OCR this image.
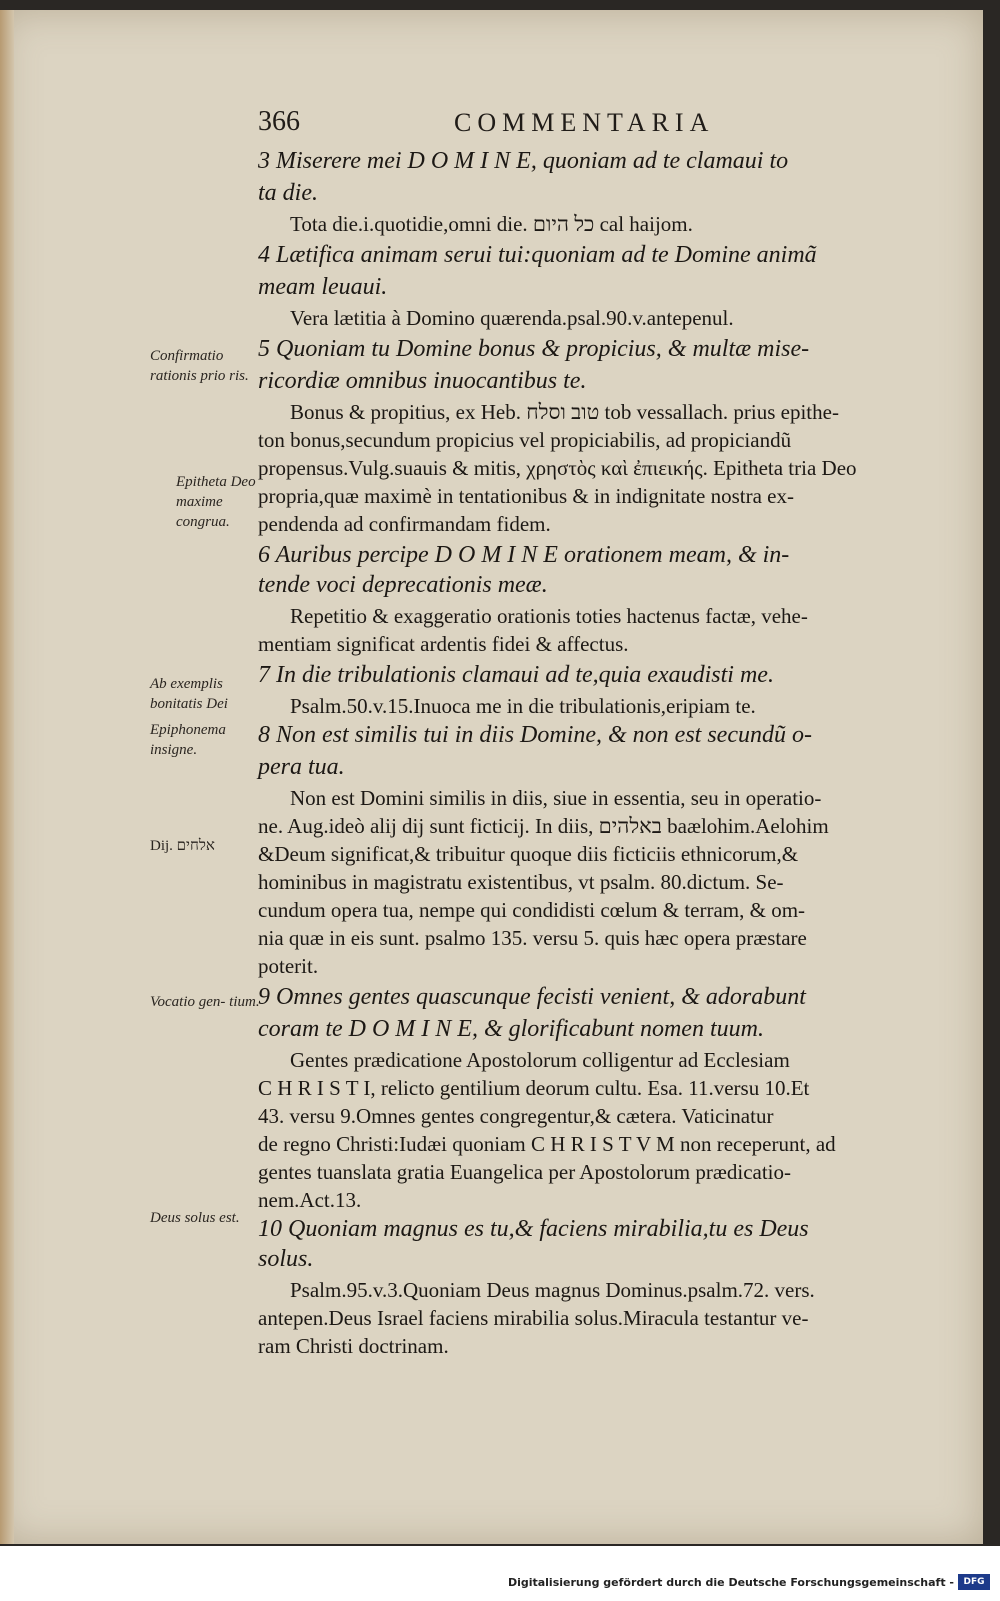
366	COMMENTARIA
Confirmatio rationis prio ris.
Epitheta Deo maxime congrua.
Ab exemplis bonitatis Dei
Epiphonema insigne.
Dij. אלחים
Vocatio gen- tium.
Deus solus est.
3 Miserere mei D O M I N E, quoniam ad te clamaui to
ta die.
Tota die.i.quotidie,omni die. כל היום cal haijom.
4 Lætifica animam serui tui:quoniam ad te Domine animã
meam leuaui.
Vera lætitia à Domino quærenda.psal.90.v.antepenul.
5 Quoniam tu Domine bonus & propicius, & multæ mise-
ricordiæ omnibus inuocantibus te.
Bonus & propitius, ex Heb. טוב וסלח tob vessallach. prius epithe-
ton bonus,secundum propicius vel propiciabilis, ad propiciandũ
propensus.Vulg.suauis & mitis, χρηστὸς καὶ ἐπιεικής. Epitheta tria Deo
propria,quæ maximè in tentationibus & in indignitate nostra ex-
pendenda ad confirmandam fidem.
6 Auribus percipe D O M I N E orationem meam, & in-
tende voci deprecationis meæ.
Repetitio & exaggeratio orationis toties hactenus factæ, vehe-
mentiam significat ardentis fidei & affectus.
7 In die tribulationis clamaui ad te,quia exaudisti me.
Psalm.50.v.15.Inuoca me in die tribulationis,eripiam te.
8 Non est similis tui in diis Domine, & non est secundũ o-
pera tua.
Non est Domini similis in diis, siue in essentia, seu in operatio-
ne. Aug.ideò alij dij sunt ficticij. In diis, באלהים baælohim.Aelohim
&Deum significat,& tribuitur quoque diis ficticiis ethnicorum,&
hominibus in magistratu existentibus, vt psalm. 80.dictum. Se-
cundum opera tua, nempe qui condidisti cœlum & terram, & om-
nia quæ in eis sunt. psalmo 135. versu 5. quis hæc opera præstare
poterit.
9 Omnes gentes quascunque fecisti venient, & adorabunt
coram te D O M I N E, & glorificabunt nomen tuum.
Gentes prædicatione Apostolorum colligentur ad Ecclesiam
C H R I S T I, relicto gentilium deorum cultu. Esa. 11.versu 10.Et
43. versu 9.Omnes gentes congregentur,& cætera. Vaticinatur
de regno Christi:Iudæi quoniam C H R I S T V M non receperunt, ad
gentes tuanslata gratia Euangelica per Apostolorum prædicatio-
nem.Act.13.
10 Quoniam magnus es tu,& faciens mirabilia,tu es Deus
solus.
Psalm.95.v.3.Quoniam Deus magnus Dominus.psalm.72. vers.
antepen.Deus Israel faciens mirabilia solus.Miracula testantur ve-
ram Christi doctrinam.
Digitalisierung gefördert durch die Deutsche Forschungsgemeinschaft -	DFG
